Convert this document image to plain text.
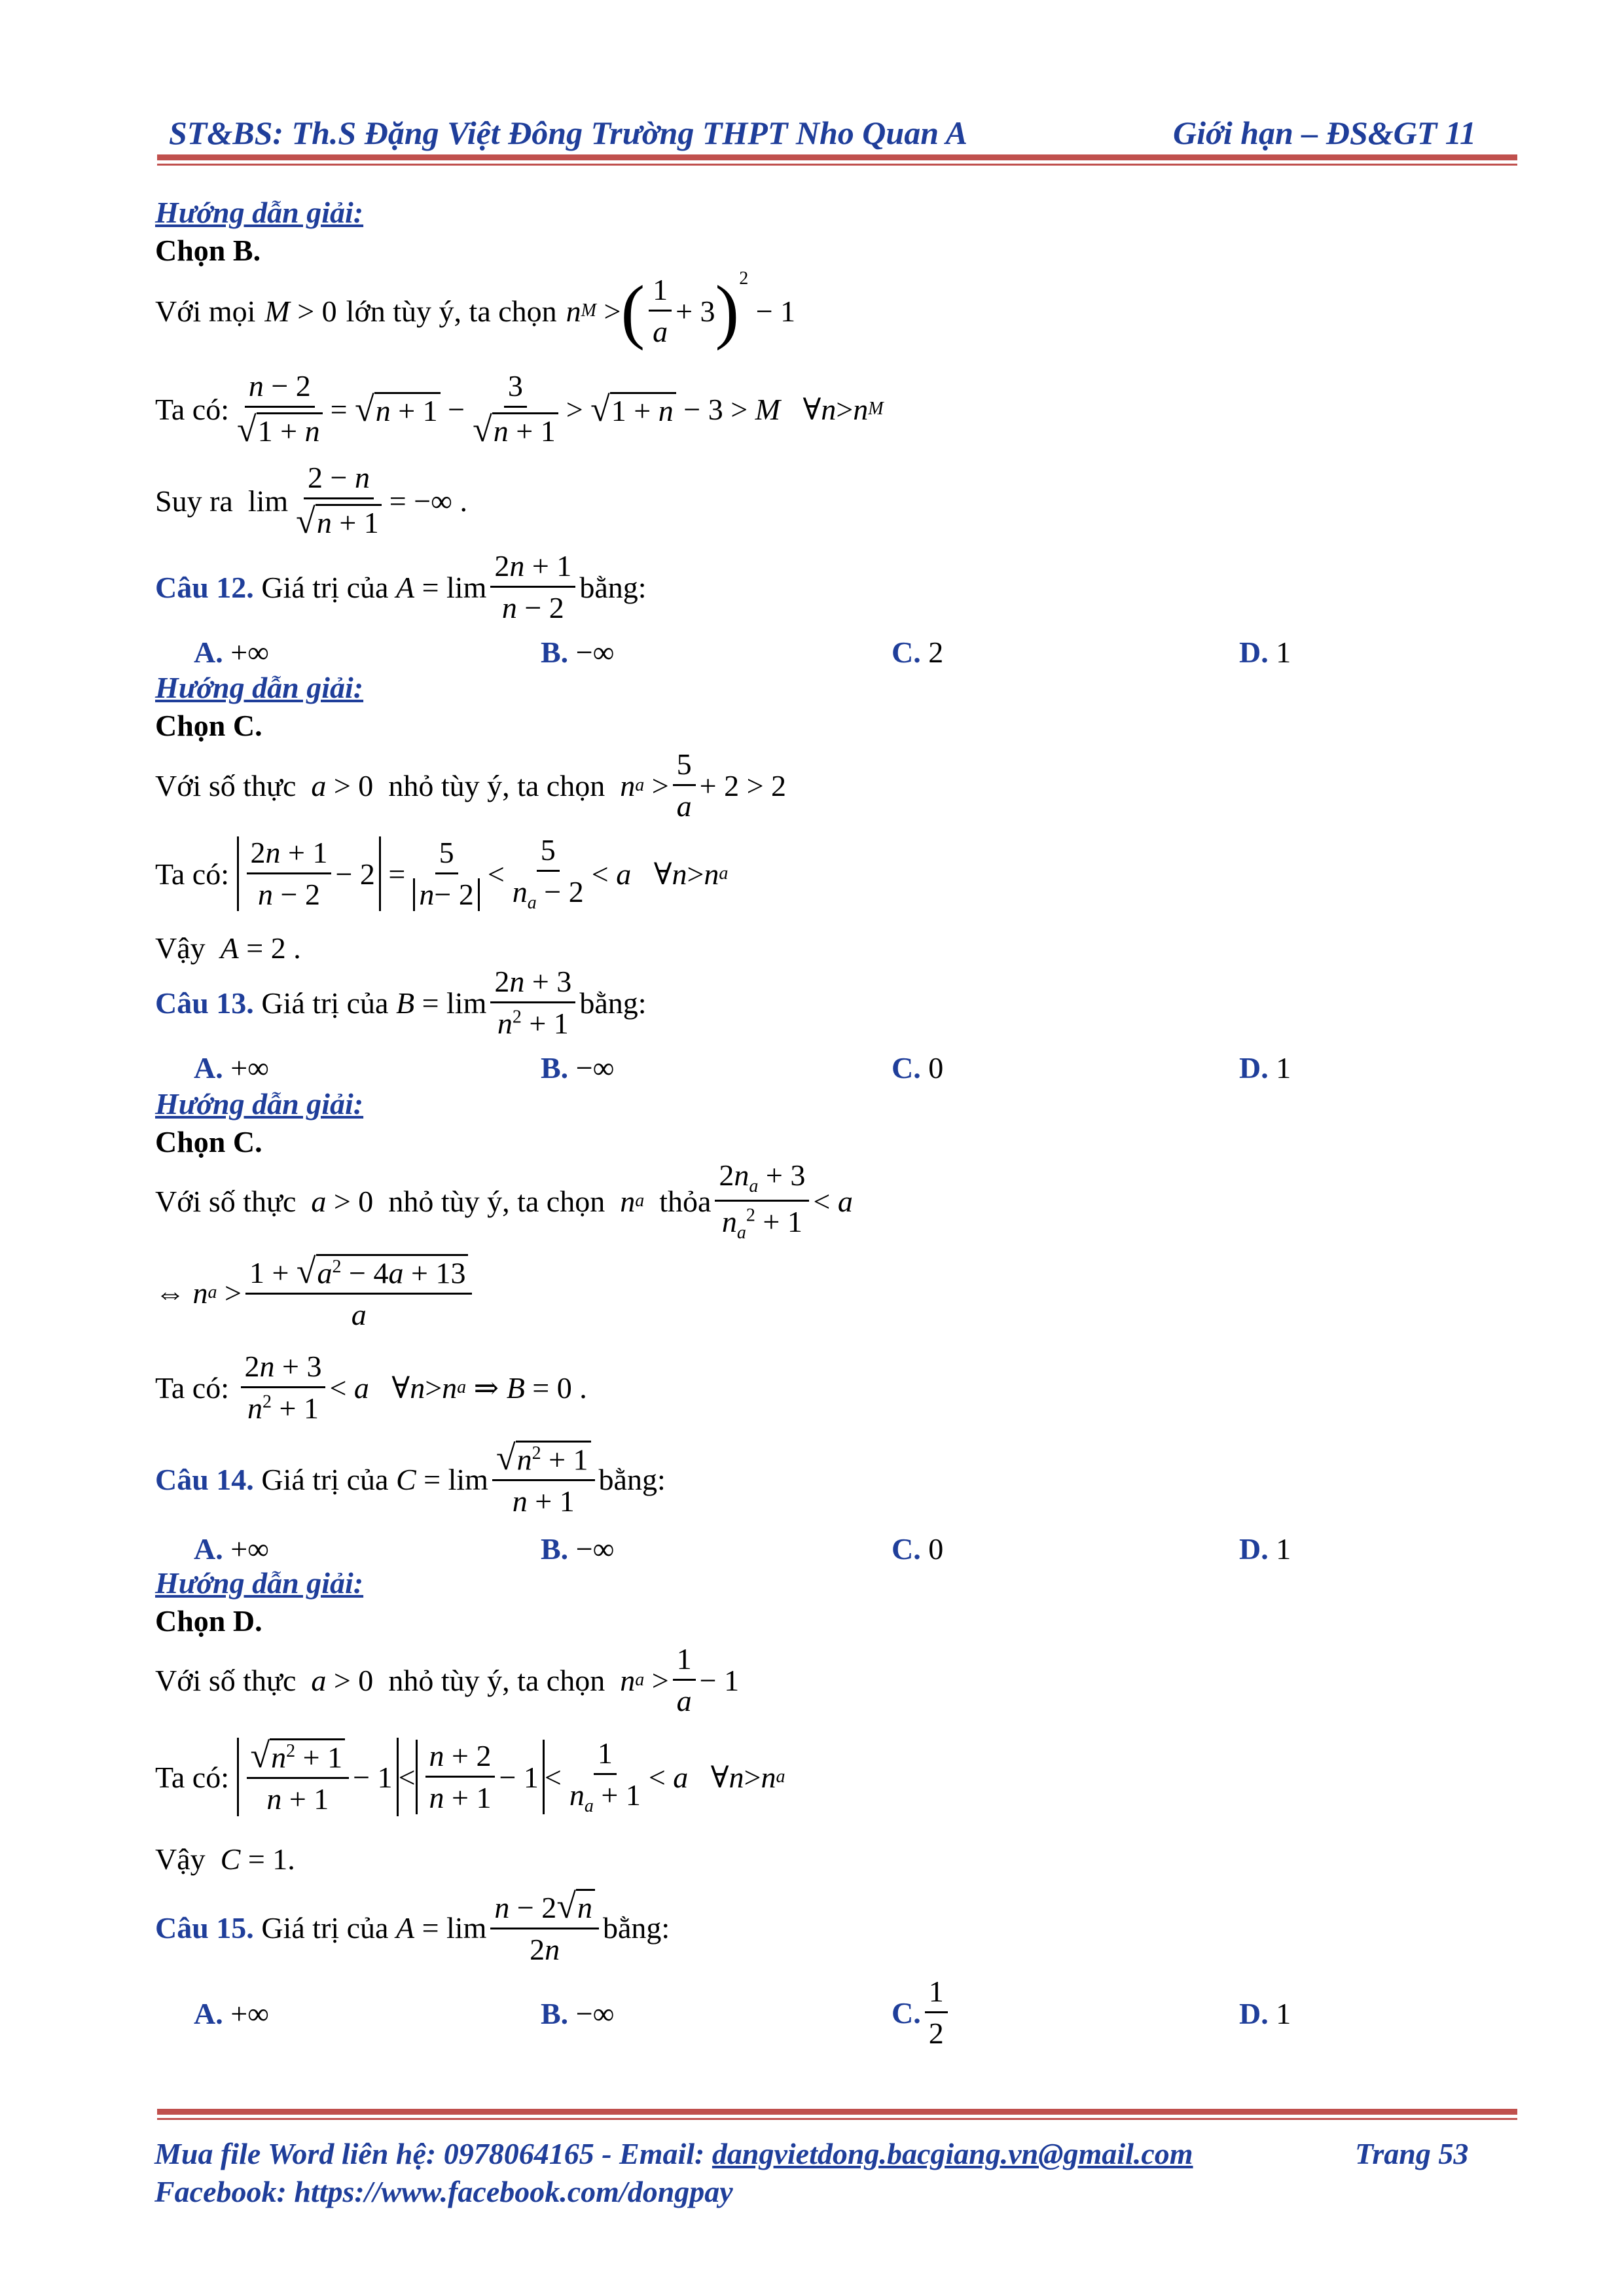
ST&BS: Th.S Đặng Việt Đông Trường THPT Nho Quan A	Giới hạn – ĐS&GT 11
Hướng dẫn giải:
Chọn B.
Với mọi M > 0 lớn tùy ý, ta chọn n M > ( $\frac{1}{a} + 3$ ) 2
− 1
Ta có: $\frac{n - 2}{√ 1 + n}$ = √ $n + 1 - \frac{3}{√ n + 1}$ > √ 1 + n − 3 > M ∀ n > n M
Suy ra $\lim \frac{2 - n}{√ n + 1}$ = −∞ .
Câu 12.
Giá trị của
$A = \lim \frac{2n + 1}{n - 2}$ bằng:
A. +∞	B. −∞	C. 2	D. 1
Hướng dẫn giải:
Chọn C.
Với số thực
a > 0 nhỏ tùy ý, ta chọn
n $a > \frac{5}{a} + 2 > 2$
Ta có:
$\frac{2n + 1}{n - 2} - 2 = \frac{5}{n - 2} < \frac{5}{n_a - 2} < a$ ∀ n > n a
Vậy
A = 2 .
Câu 13.
Giá trị của
$B = \lim \frac{2n + 3}{n^2 + 1}$ bằng:
A. +∞	B. −∞	C. 0	D. 1
Hướng dẫn giải:
Chọn C.
Với số thực
a > 0 nhỏ tùy ý, ta chọn
n a
thỏa $\frac{2n_a + 3}{n_a^2 + 1} < a$
⇔ n $a > \frac{1 + √ a^2 - 4a + 13}{a}$
Ta có:
$\frac{2n + 3}{n^2 + 1} < a$ ∀ n > n a ⇒ B = 0 .
Câu 14.
Giá trị của
$C = \lim \frac{√ n^2 + 1}{n + 1}$ bằng:
A. +∞	B. −∞	C. 0	D. 1
Hướng dẫn giải:
Chọn D.
Với số thực
a > 0 nhỏ tùy ý, ta chọn
n $a > \frac{1}{a} - 1$
Ta có:
$\frac{√ n^2 + 1}{n + 1} - 1 < \frac{n + 2}{n + 1} - 1 < \frac{1}{n_a + 1} < a$ ∀ n > n a
Vậy
C = 1.
Câu 15.
Giá trị của
$A = \lim \frac{n - 2 √ n}{2n}$ bằng:
A. +∞	B. −∞	C. $\frac{1}{2}$	D. 1
Mua file Word liên hệ: 0978064165 - Email: dangvietdong.bacgiang.vn@gmail.com	Trang 53
Facebook: https://www.facebook.com/dongpay
